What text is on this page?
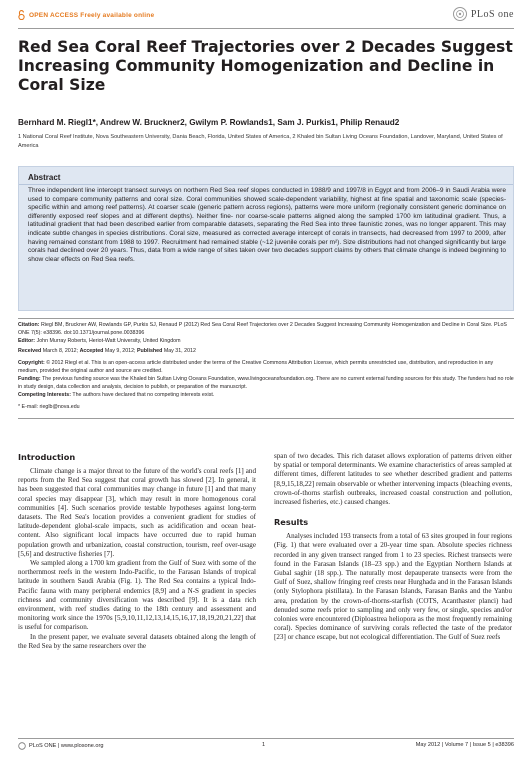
OPEN ACCESS Freely available online	PLoS one
Red Sea Coral Reef Trajectories over 2 Decades Suggest Increasing Community Homogenization and Decline in Coral Size
Bernhard M. Riegl1*, Andrew W. Bruckner2, Gwilym P. Rowlands1, Sam J. Purkis1, Philip Renaud2
1 National Coral Reef Institute, Nova Southeastern University, Dania Beach, Florida, United States of America, 2 Khaled bin Sultan Living Oceans Foundation, Landover, Maryland, United States of America
Abstract
Three independent line intercept transect surveys on northern Red Sea reef slopes conducted in 1988/9 and 1997/8 in Egypt and from 2006–9 in Saudi Arabia were used to compare community patterns and coral size. Coral communities showed scale-dependent variability, highest at fine spatial and taxonomic scale (species-specific within and among reef patterns). At coarser scale (generic pattern across regions), patterns were more uniform (regionally consistent generic dominance on differently exposed reef slopes and at different depths). Neither fine- nor coarse-scale patterns aligned along the sampled 1700 km latitudinal gradient. Thus, a latitudinal gradient that had been described earlier from comparable datasets, separating the Red Sea into three faunistic zones, was no longer apparent. This may indicate subtle changes in species distributions. Coral size, measured as corrected average intercept of corals in transects, had decreased from 1997 to 2009, after having remained constant from 1988 to 1997. Recruitment had remained stable (~12 juvenile corals per m²). Size distributions had not changed significantly but large corals had declined over 20 years. Thus, data from a wide range of sites taken over two decades support claims by others that climate change is indeed beginning to show clear effects on Red Sea reefs.
Citation: Riegl BM, Bruckner AW, Rowlands GP, Purkis SJ, Renaud P (2012) Red Sea Coral Reef Trajectories over 2 Decades Suggest Increasing Community Homogenization and Decline in Coral Size. PLoS ONE 7(5): e38396. doi:10.1371/journal.pone.0038396
Editor: John Murray Roberts, Heriot-Watt University, United Kingdom
Received March 8, 2012; Accepted May 9, 2012; Published May 31, 2012
Copyright: © 2012 Riegl et al. This is an open-access article distributed under the terms of the Creative Commons Attribution License, which permits unrestricted use, distribution, and reproduction in any medium, provided the original author and source are credited.
Funding: The previous funding source was the Khaled bin Sultan Living Oceans Foundation, www.livingoceansfoundation.org. There are no current external funding sources for this study. The funders had no role in study design, data collection and analysis, decision to publish, or preparation of the manuscript.
Competing Interests: The authors have declared that no competing interests exist.
* E-mail: rieglb@nova.edu
Introduction

Climate change is a major threat to the future of the world's coral reefs [1] and reports from the Red Sea suggest that coral growth has slowed [2]. In general, it has been suggested that coral communities may change in future [1] and that many coral species may disappear [3], which may result in more homogenous coral communities [4]. Such scenarios provide testable hypotheses against long-term datasets. The Red Sea's location provides a convenient gradient for studies of latitude-dependent global-scale impacts, such as acidification and ocean heat-content. Also significant local impacts have occurred due to rapid human population growth and urbanization, coastal construction, tourism, reef over-usage [5,6] and destructive fisheries [7].

We sampled along a 1700 km gradient from the Gulf of Suez with some of the northernmost reefs in the western Indo-Pacific, to the Farasan Islands of tropical latitude in southern Saudi Arabia (Fig. 1). The Red Sea contains a typical Indo-Pacific fauna with many peripheral endemics [8,9] and a N-S gradient in species richness and community diversification was described [9]. It is a data rich environment, with reef studies dating to the 18th century and assessment and monitoring work since the 1970s [5,9,10,11,12,13,14,15,16,17,18,19,20,21,22] that is useful for comparison.

In the present paper, we evaluate several datasets obtained along the length of the Red Sea by the same researchers over the

span of two decades. This rich dataset allows exploration of patterns driven either by spatial or temporal determinants. We examine characteristics of areas sampled at different times, different latitudes to see whether described gradient and patterns [8,9,15,18,22] remain observable or whether intervening impacts (bleaching events, crown-of-thorns starfish outbreaks, increased coastal construction and pollution, increased fisheries, etc.) caused changes.

Results

Analyses included 193 transects from a total of 63 sites grouped in four regions (Fig. 1) that were evaluated over a 20-year time span. Absolute species richness recorded in any given transect ranged from 1 to 23 species. Richest transects were found in the Farasan Islands (18–23 spp.) and the Egyptian Northern Islands at Gubal saghir (18 spp.). The naturally most depauperate transects were from the Gulf of Suez, shallow fringing reef crests near Hurghada and in the Farasan Islands (only Stylophora pistillata). In the Farasan Islands, Farasan Banks and the Yanbu area, predation by the crown-of-thorns-starfish (COTS, Acanthaster planci) had denuded some reefs prior to sampling and only very few, or single, species and/or colonies were encountered (Diploastrea heliopora as the most frequently remaining coral). Species dominance of surviving corals reflected the taste of the predator [23] or chance escape, but not ecological differentiation. The Gulf of Suez reefs

PLoS ONE | www.plosone.org	1	May 2012 | Volume 7 | Issue 5 | e38396
